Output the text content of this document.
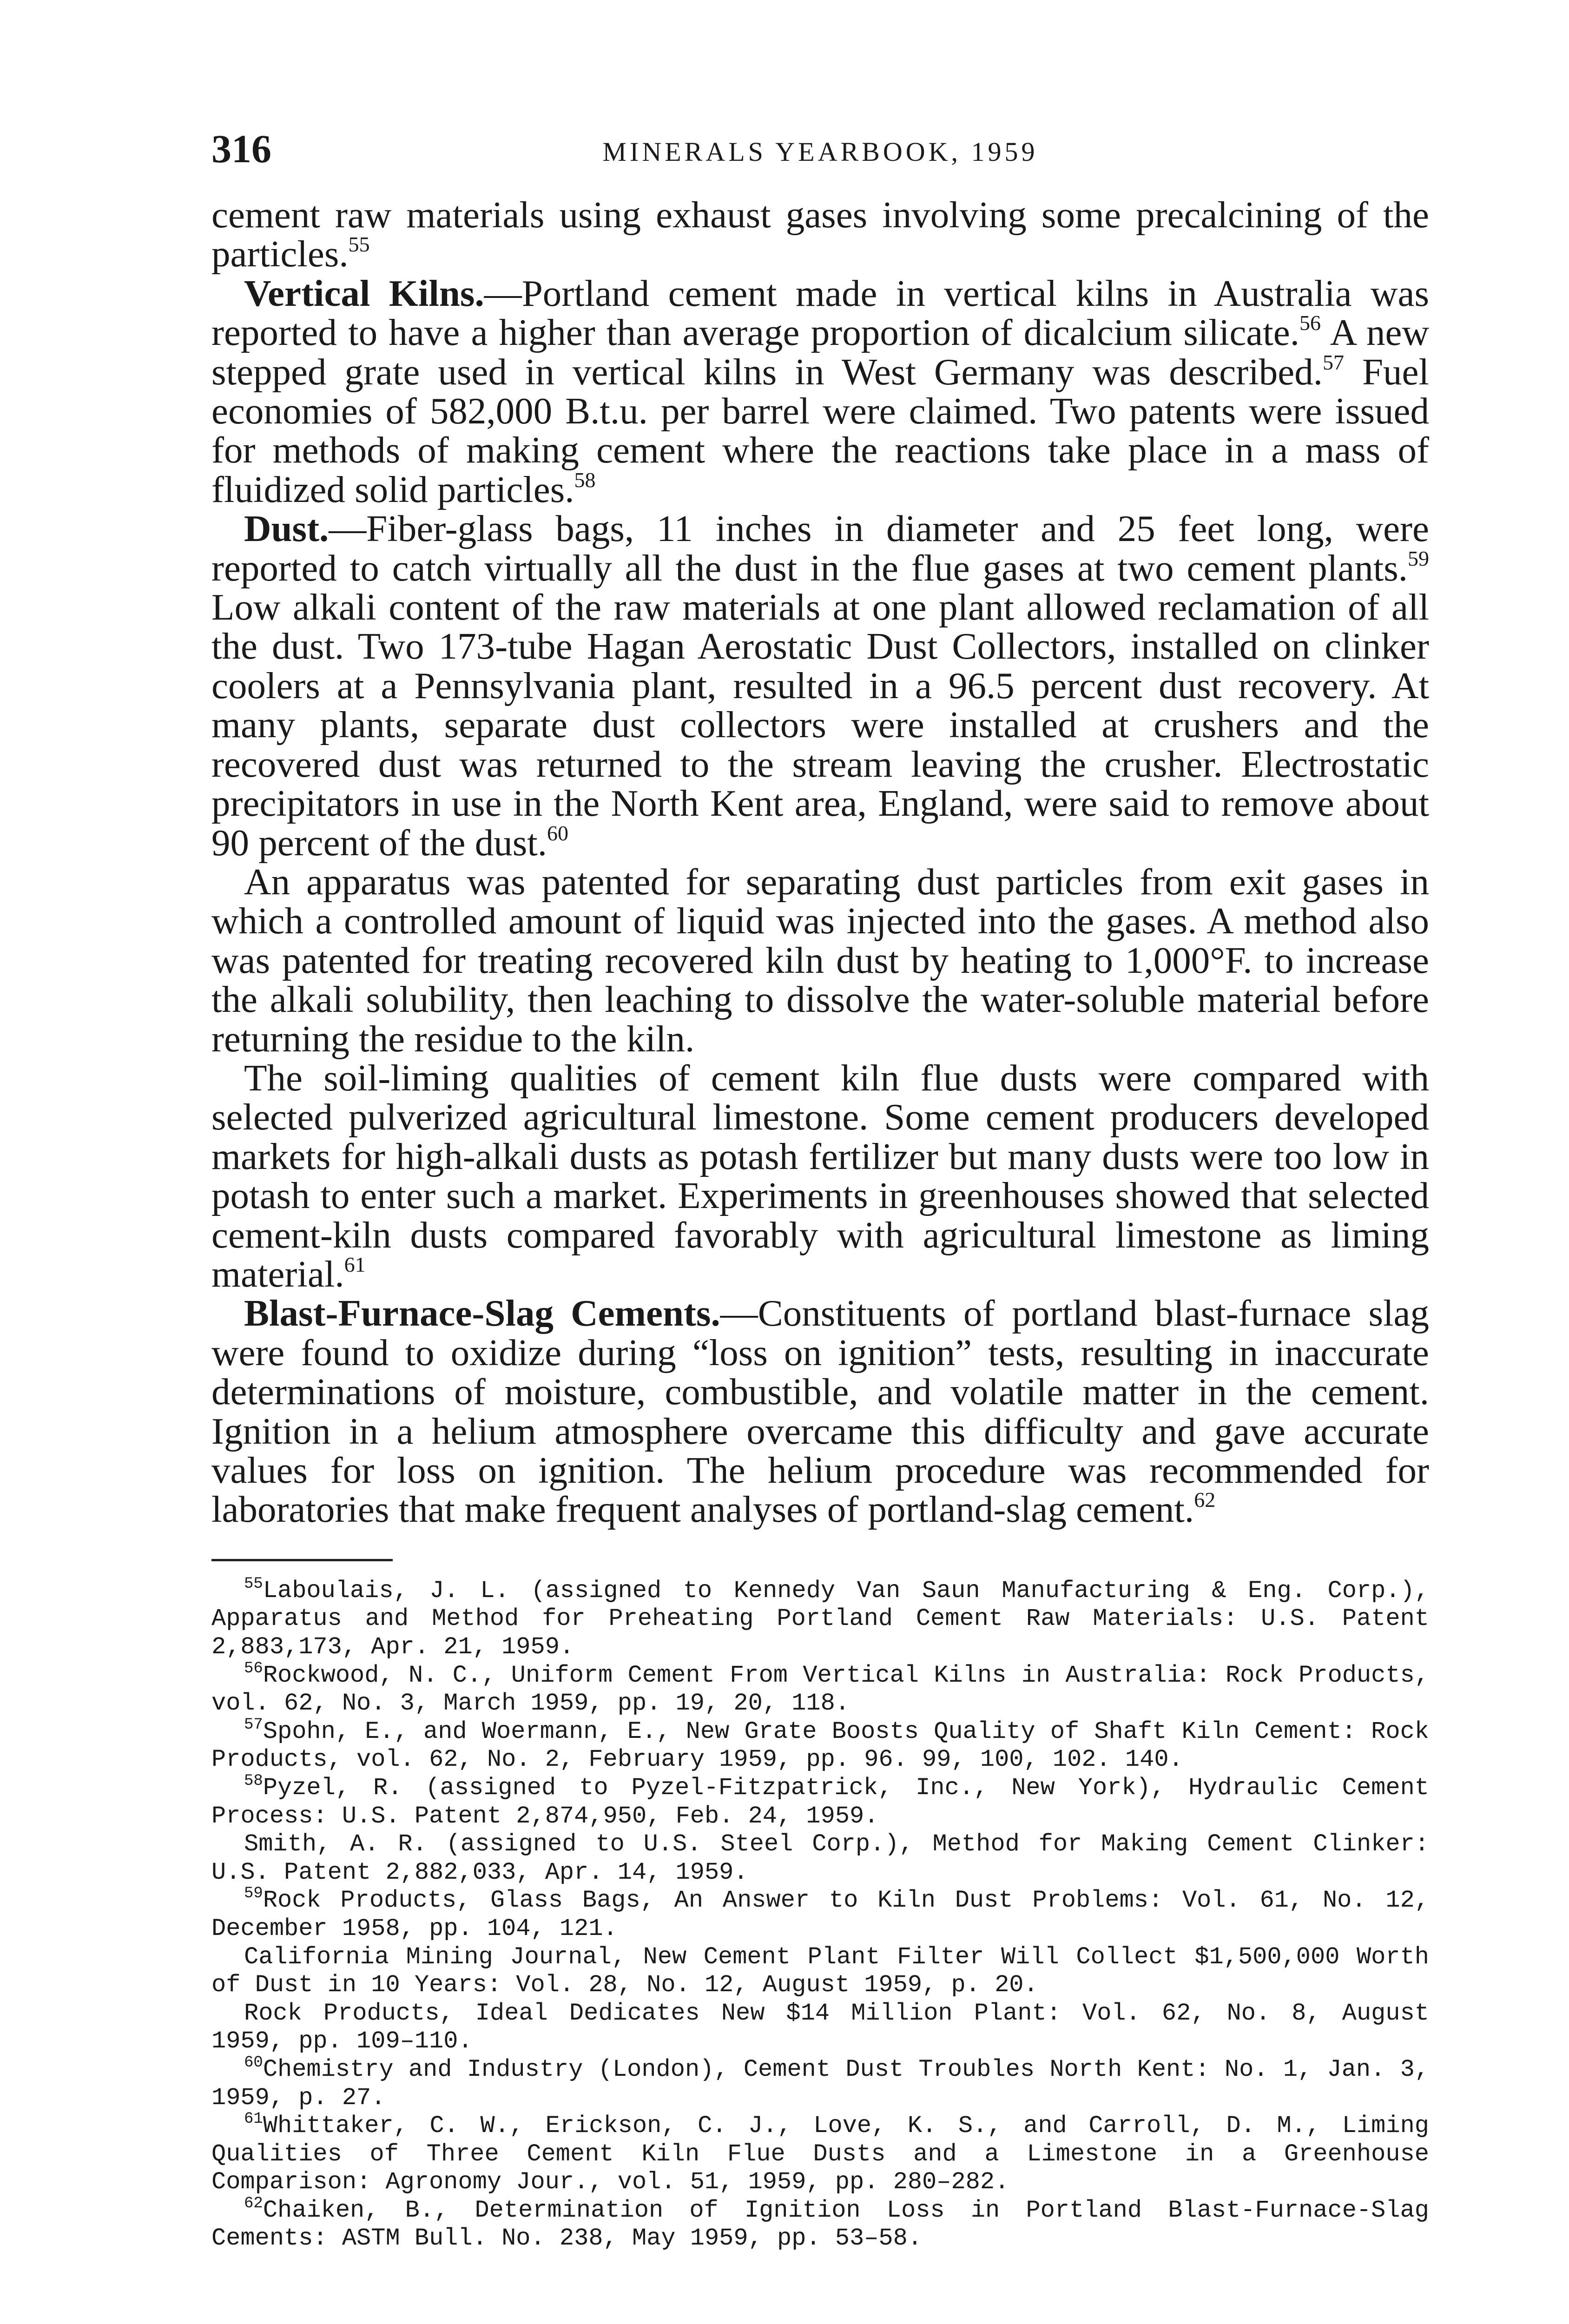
316	MINERALS YEARBOOK, 1959

cement raw materials using exhaust gases involving some precalcining of the particles.$^{55}$

Vertical Kilns.—Portland cement made in vertical kilns in Australia was reported to have a higher than average proportion of dicalcium silicate.$^{56}$ A new stepped grate used in vertical kilns in West Germany was described.$^{57}$ Fuel economies of 582,000 B.t.u. per barrel were claimed. Two patents were issued for methods of making cement where the reactions take place in a mass of fluidized solid particles.$^{58}$

Dust.—Fiber-glass bags, 11 inches in diameter and 25 feet long, were reported to catch virtually all the dust in the flue gases at two cement plants.$^{59}$ Low alkali content of the raw materials at one plant allowed reclamation of all the dust. Two 173-tube Hagan Aerostatic Dust Collectors, installed on clinker coolers at a Pennsylvania plant, resulted in a 96.5 percent dust recovery. At many plants, separate dust collectors were installed at crushers and the recovered dust was returned to the stream leaving the crusher. Electrostatic precipitators in use in the North Kent area, England, were said to remove about 90 percent of the dust.$^{60}$

An apparatus was patented for separating dust particles from exit gases in which a controlled amount of liquid was injected into the gases. A method also was patented for treating recovered kiln dust by heating to 1,000°F. to increase the alkali solubility, then leaching to dissolve the water-soluble material before returning the residue to the kiln.

The soil-liming qualities of cement kiln flue dusts were compared with selected pulverized agricultural limestone. Some cement producers developed markets for high-alkali dusts as potash fertilizer but many dusts were too low in potash to enter such a market. Experiments in greenhouses showed that selected cement-kiln dusts compared favorably with agricultural limestone as liming material.$^{61}$

Blast-Furnace-Slag Cements.—Constituents of portland blast-furnace slag were found to oxidize during “loss on ignition” tests, resulting in inaccurate determinations of moisture, combustible, and volatile matter in the cement. Ignition in a helium atmosphere overcame this difficulty and gave accurate values for loss on ignition. The helium procedure was recommended for laboratories that make frequent analyses of portland-slag cement.$^{62}$

$^{55}$Laboulais, J. L. (assigned to Kennedy Van Saun Manufacturing & Eng. Corp.), Apparatus and Method for Preheating Portland Cement Raw Materials: U.S. Patent 2,883,173, Apr. 21, 1959.

$^{56}$Rockwood, N. C., Uniform Cement From Vertical Kilns in Australia: Rock Products, vol. 62, No. 3, March 1959, pp. 19, 20, 118.

$^{57}$Spohn, E., and Woermann, E., New Grate Boosts Quality of Shaft Kiln Cement: Rock Products, vol. 62, No. 2, February 1959, pp. 96. 99, 100, 102. 140.

$^{58}$Pyzel, R. (assigned to Pyzel-Fitzpatrick, Inc., New York), Hydraulic Cement Process: U.S. Patent 2,874,950, Feb. 24, 1959.

Smith, A. R. (assigned to U.S. Steel Corp.), Method for Making Cement Clinker: U.S. Patent 2,882,033, Apr. 14, 1959.

$^{59}$Rock Products, Glass Bags, An Answer to Kiln Dust Problems: Vol. 61, No. 12, December 1958, pp. 104, 121.

California Mining Journal, New Cement Plant Filter Will Collect $1,500,000 Worth of Dust in 10 Years: Vol. 28, No. 12, August 1959, p. 20.

Rock Products, Ideal Dedicates New $14 Million Plant: Vol. 62, No. 8, August 1959, pp. 109–110.

$^{60}$Chemistry and Industry (London), Cement Dust Troubles North Kent: No. 1, Jan. 3, 1959, p. 27.

$^{61}$Whittaker, C. W., Erickson, C. J., Love, K. S., and Carroll, D. M., Liming Qualities of Three Cement Kiln Flue Dusts and a Limestone in a Greenhouse Comparison: Agronomy Jour., vol. 51, 1959, pp. 280–282.

$^{62}$Chaiken, B., Determination of Ignition Loss in Portland Blast-Furnace-Slag Cements: ASTM Bull. No. 238, May 1959, pp. 53–58.
